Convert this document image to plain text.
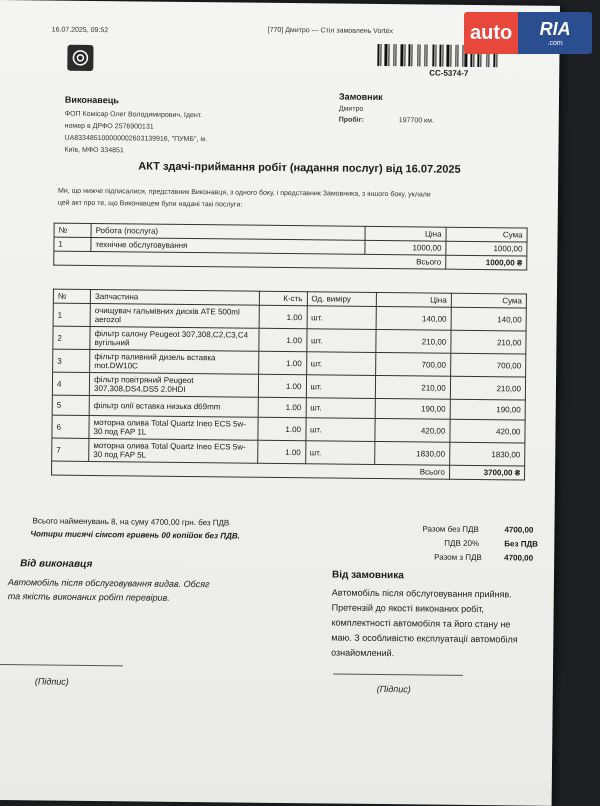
16.07.2025, 09:52	[770] Дмитро — Стіл замовлень Vortex
CC-5374-7
Виконавець
ФОП Комісар Олег Володимирович, Ідент.
номер в ДРФО 2576900131
UA833485100000002603139916, "ПУМБ", м.
Київ, МФО 334851
Замовник
Дмитро
Пробіг:	197700 км.
АКТ здачі-приймання робіт (надання послуг) від 16.07.2025
Ми, що нижче підписалися, представник Виконавця, з одного боку, і представник Замовника, з іншого боку, уклали
цей акт про те, що Виконавцем були надані такі послуги:
№	Робота (послуга)	Ціна	Сума
1	технічне обслуговування	1000,00	1000,00
Всього			1000,00 ₴
№	Запчастина	К-сть	Од. виміру	Ціна	Сума
1	очищувач гальмівних дисків ATE 500ml aerozol	1.00	шт.	140,00	140,00
2	фільтр салону Peugeot 307,308,C2,C3,C4 вугільний	1.00	шт.	210,00	210,00
3	фільтр паливний дизель вставка mot.DW10C	1.00	шт.	700,00	700,00
4	фільтр повітряний Peugeot 307,308,DS4,DS5 2.0HDI	1.00	шт.	210,00	210,00
5	фільтр олії вставка низька d69mm	1.00	шт.	190,00	190,00
6	моторна олива Total Quartz Ineo ECS 5w-30 под FAP 1L	1.00	шт.	420,00	420,00
7	моторна олива Total Quartz Ineo ECS 5w-30 под FAP 5L	1.00	шт.	1830,00	1830,00
Всього					3700,00 ₴
Всього найменувань 8, на суму 4700,00 грн. без ПДВ
Чотири тисячі сімсот гривень 00 копійок без ПДВ.
Разом без ПДВ	4700,00
ПДВ 20%	Без ПДВ
Разом з ПДВ	4700,00
Від виконавця
Автомобіль після обслуговування видав. Обсяг
та якість виконаних робіт перевірив.
(Підпис)
Від замовника
Автомобіль після обслуговування прийняв.
Претензій до якості виконаних робіт,
комплектності автомобіля та його стану не
маю. З особливістю експлуатації автомобіля
ознайомлений.
(Підпис)
auto	RIA
.com
